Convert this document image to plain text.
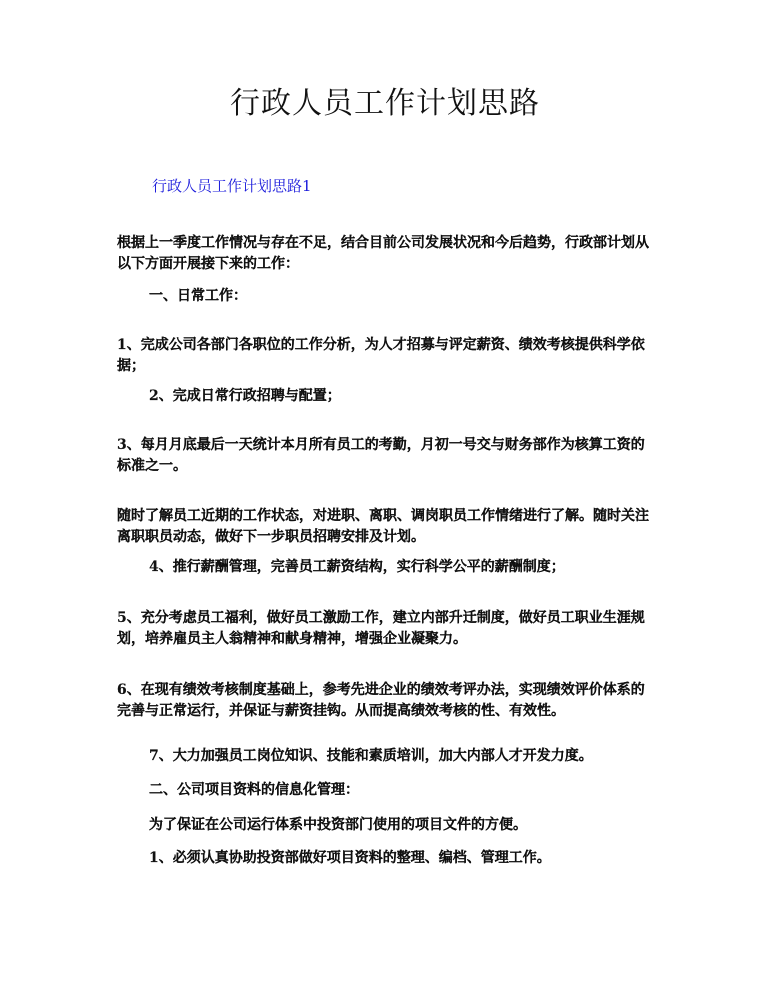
行政人员工作计划思路

行政人员工作计划思路1

根据上一季度工作情况与存在不足，结合目前公司发展状况和今后趋势，行政部计划从以下方面开展接下来的工作：

一、日常工作：

1、完成公司各部门各职位的工作分析，为人才招募与评定薪资、绩效考核提供科学依据；

2、完成日常行政招聘与配置；

3、每月月底最后一天统计本月所有员工的考勤，月初一号交与财务部作为核算工资的标准之一。

随时了解员工近期的工作状态，对进职、离职、调岗职员工作情绪进行了解。随时关注离职职员动态，做好下一步职员招聘安排及计划。

4、推行薪酬管理，完善员工薪资结构，实行科学公平的薪酬制度；

5、充分考虑员工福利，做好员工激励工作，建立内部升迁制度，做好员工职业生涯规划，培养雇员主人翁精神和献身精神，增强企业凝聚力。

6、在现有绩效考核制度基础上，参考先进企业的绩效考评办法，实现绩效评价体系的完善与正常运行，并保证与薪资挂钩。从而提高绩效考核的性、有效性。

7、大力加强员工岗位知识、技能和素质培训，加大内部人才开发力度。

二、公司项目资料的信息化管理：

为了保证在公司运行体系中投资部门使用的项目文件的方便。

1、必须认真协助投资部做好项目资料的整理、编档、管理工作。
